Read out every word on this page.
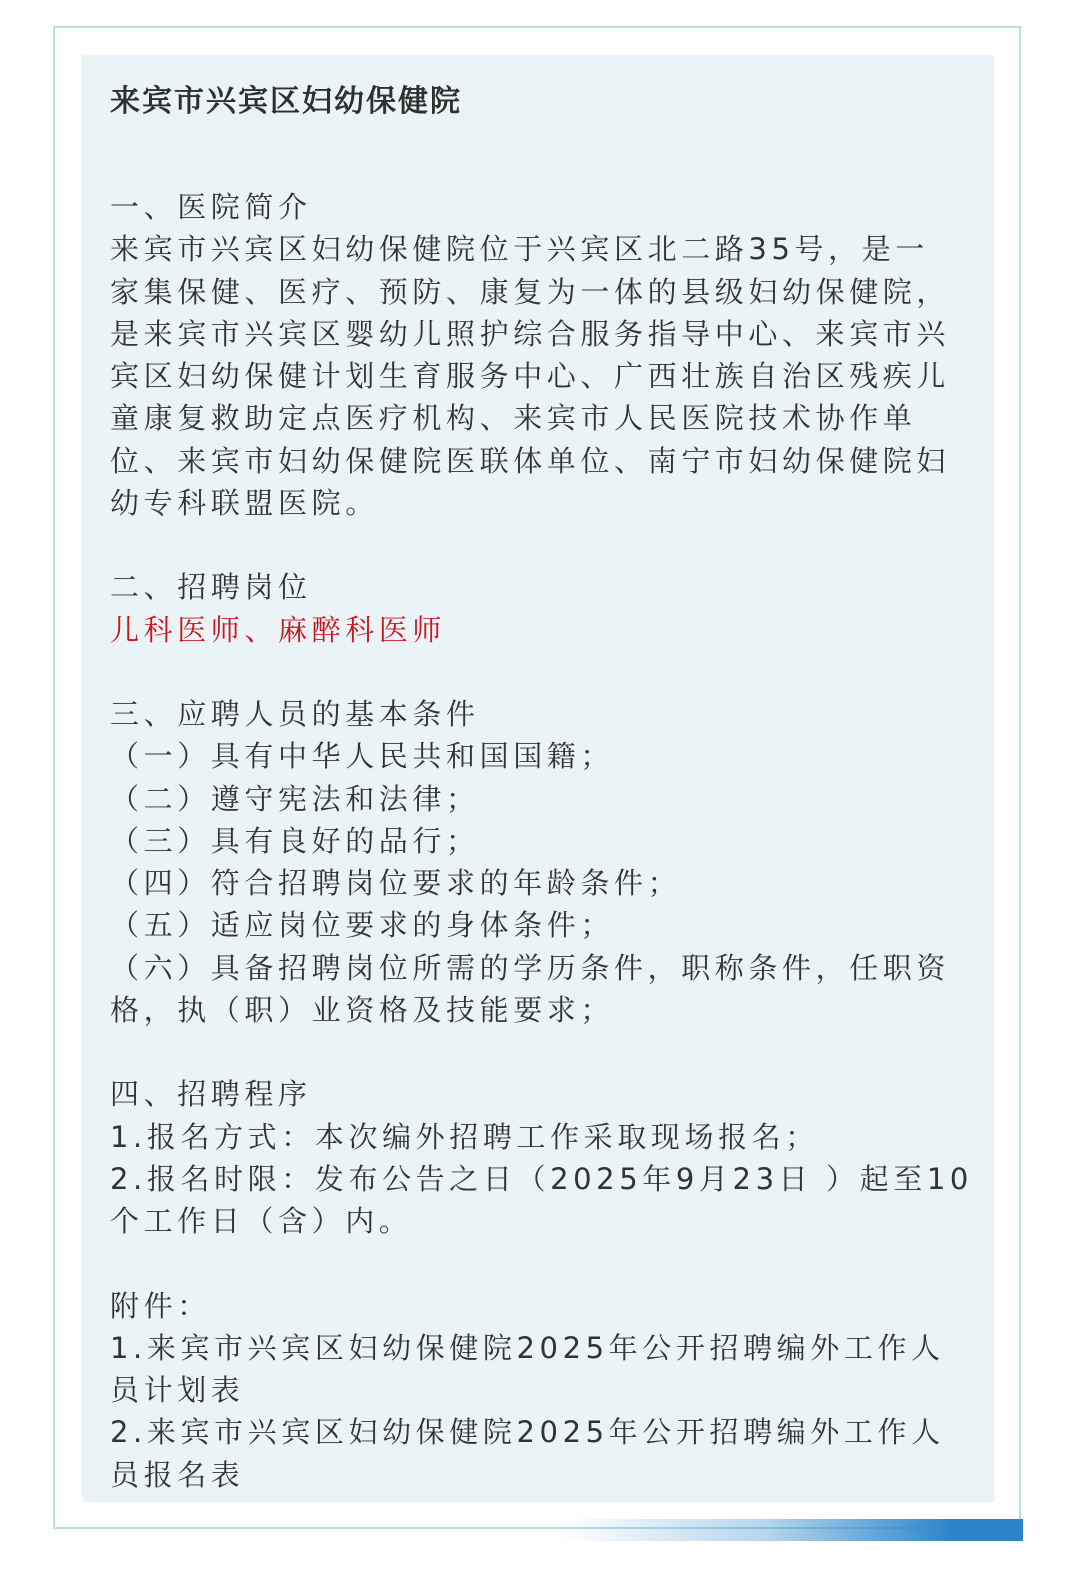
来宾市兴宾区妇幼保健院
一、医院简介
来宾市兴宾区妇幼保健院位于兴宾区北二路35号，是一
家集保健、医疗、预防、康复为一体的县级妇幼保健院，
是来宾市兴宾区婴幼儿照护综合服务指导中心、来宾市兴
宾区妇幼保健计划生育服务中心、广西壮族自治区残疾儿
童康复救助定点医疗机构、来宾市人民医院技术协作单
位、来宾市妇幼保健院医联体单位、南宁市妇幼保健院妇
幼专科联盟医院。
二、招聘岗位
儿科医师、麻醉科医师
三、应聘人员的基本条件
（一）具有中华人民共和国国籍；
（二）遵守宪法和法律；
（三）具有良好的品行；
（四）符合招聘岗位要求的年龄条件；
（五）适应岗位要求的身体条件；
（六）具备招聘岗位所需的学历条件，职称条件，任职资
格，执（职）业资格及技能要求；
四、招聘程序
1.报名方式：本次编外招聘工作采取现场报名；
2.报名时限：发布公告之日（2025年9月23日 ）起至10
个工作日（含）内。
附件：
1.来宾市兴宾区妇幼保健院2025年公开招聘编外工作人
员计划表
2.来宾市兴宾区妇幼保健院2025年公开招聘编外工作人
员报名表
